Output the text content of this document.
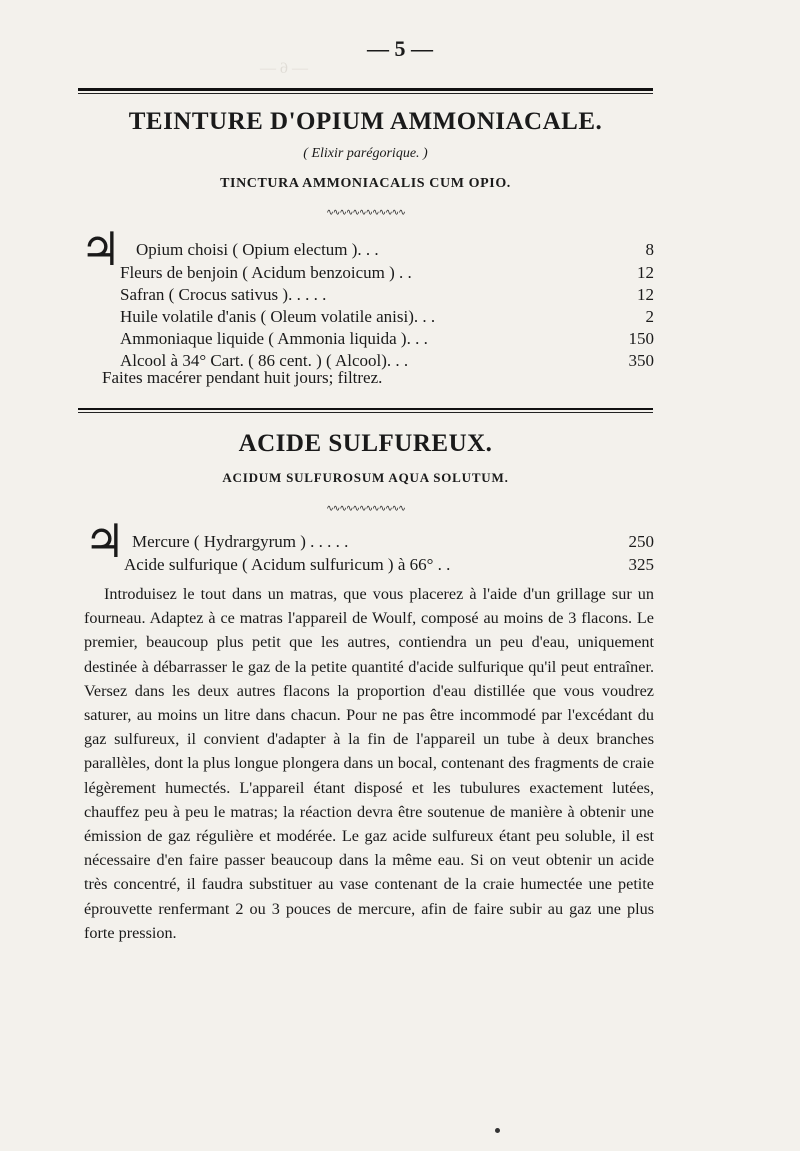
— 6 —
— 5 —
TEINTURE D'OPIUM AMMONIACALE.
( Elixir parégorique. )
TINCTURA AMMONIACALIS CUM OPIO.
∿∿∿∿∿∿∿∿∿∿∿∿
♃ Opium choisi ( Opium electum ). . .	8
Fleurs de benjoin ( Acidum benzoicum ) . .	12
Safran ( Crocus sativus ). . . . .	12
Huile volatile d'anis ( Oleum volatile anisi). . .	2
Ammoniaque liquide ( Ammonia liquida ). . .	150
Alcool à 34° Cart. ( 86 cent. ) ( Alcool). . .	350
Faites macérer pendant huit jours; filtrez.
ACIDE SULFUREUX.
ACIDUM SULFUROSUM AQUA SOLUTUM.
∿∿∿∿∿∿∿∿∿∿∿∿
♃ Mercure ( Hydrargyrum ) . . . . .	250
Acide sulfurique ( Acidum sulfuricum ) à 66° . .	325
Introduisez le tout dans un matras, que vous placerez à l'aide d'un grillage sur un fourneau. Adaptez à ce matras l'appareil de Woulf, composé au moins de 3 flacons. Le premier, beaucoup plus petit que les autres, contiendra un peu d'eau, uniquement destinée à débarrasser le gaz de la petite quantité d'acide sulfurique qu'il peut entraîner. Versez dans les deux autres flacons la proportion d'eau distillée que vous voudrez saturer, au moins un litre dans chacun. Pour ne pas être incommodé par l'excédant du gaz sulfureux, il convient d'adapter à la fin de l'appareil un tube à deux branches parallèles, dont la plus longue plongera dans un bocal, contenant des fragments de craie légèrement humectés. L'appareil étant disposé et les tubulures exactement lutées, chauffez peu à peu le matras; la réaction devra être soutenue de manière à obtenir une émission de gaz régulière et modérée. Le gaz acide sulfureux étant peu soluble, il est nécessaire d'en faire passer beaucoup dans la même eau. Si on veut obtenir un acide très concentré, il faudra substituer au vase contenant de la craie humectée une petite éprouvette renfermant 2 ou 3 pouces de mercure, afin de faire subir au gaz une plus forte pression.
